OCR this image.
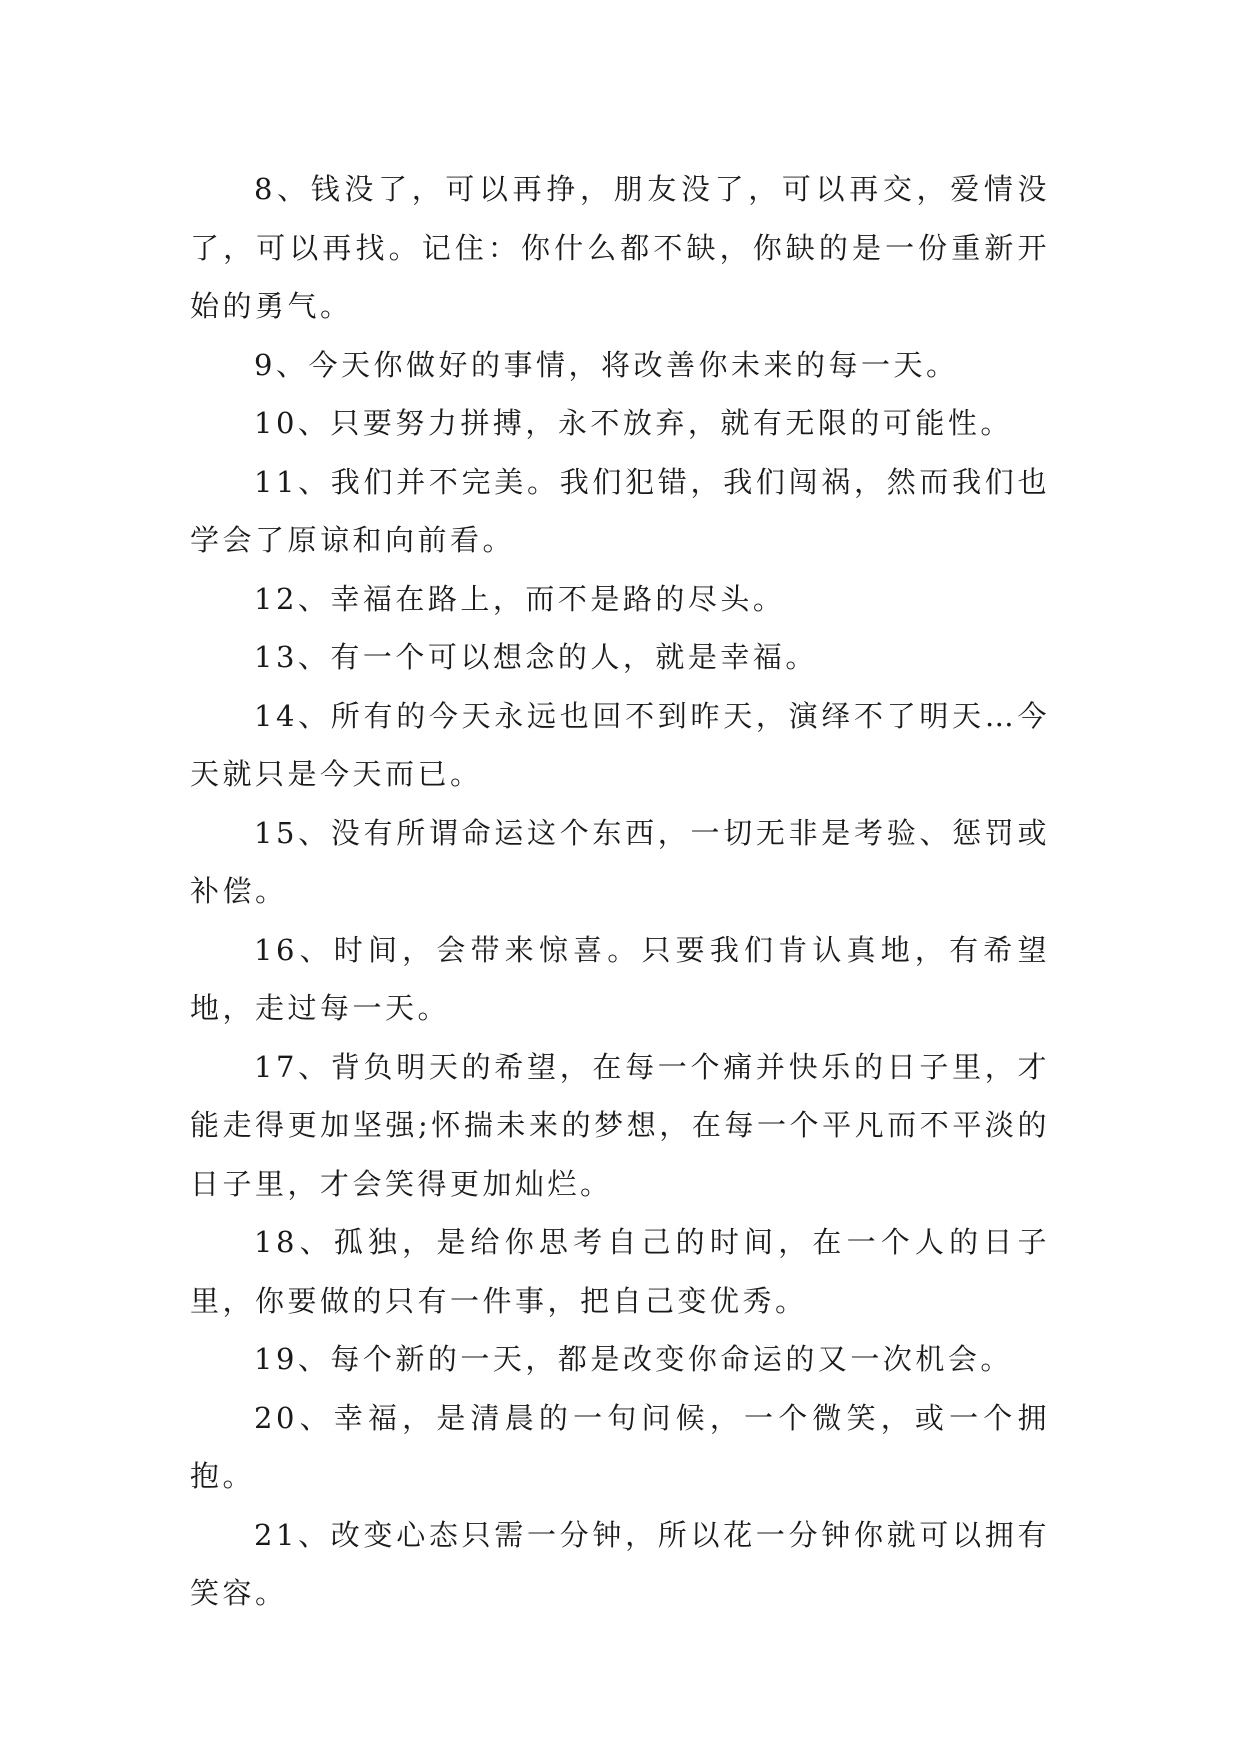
8、钱没了，可以再挣，朋友没了，可以再交，爱情没了，可以再找。记住：你什么都不缺，你缺的是一份重新开始的勇气。

9、今天你做好的事情，将改善你未来的每一天。

10、只要努力拼搏，永不放弃，就有无限的可能性。

11、我们并不完美。我们犯错，我们闯祸，然而我们也学会了原谅和向前看。

12、幸福在路上，而不是路的尽头。

13、有一个可以想念的人，就是幸福。

14、所有的今天永远也回不到昨天，演绎不了明天…今天就只是今天而已。

15、没有所谓命运这个东西，一切无非是考验、惩罚或补偿。

16、时间，会带来惊喜。只要我们肯认真地，有希望地，走过每一天。

17、背负明天的希望，在每一个痛并快乐的日子里，才能走得更加坚强;怀揣未来的梦想，在每一个平凡而不平淡的日子里，才会笑得更加灿烂。

18、孤独，是给你思考自己的时间，在一个人的日子里，你要做的只有一件事，把自己变优秀。

19、每个新的一天，都是改变你命运的又一次机会。

20、幸福，是清晨的一句问候，一个微笑，或一个拥抱。

21、改变心态只需一分钟，所以花一分钟你就可以拥有笑容。
